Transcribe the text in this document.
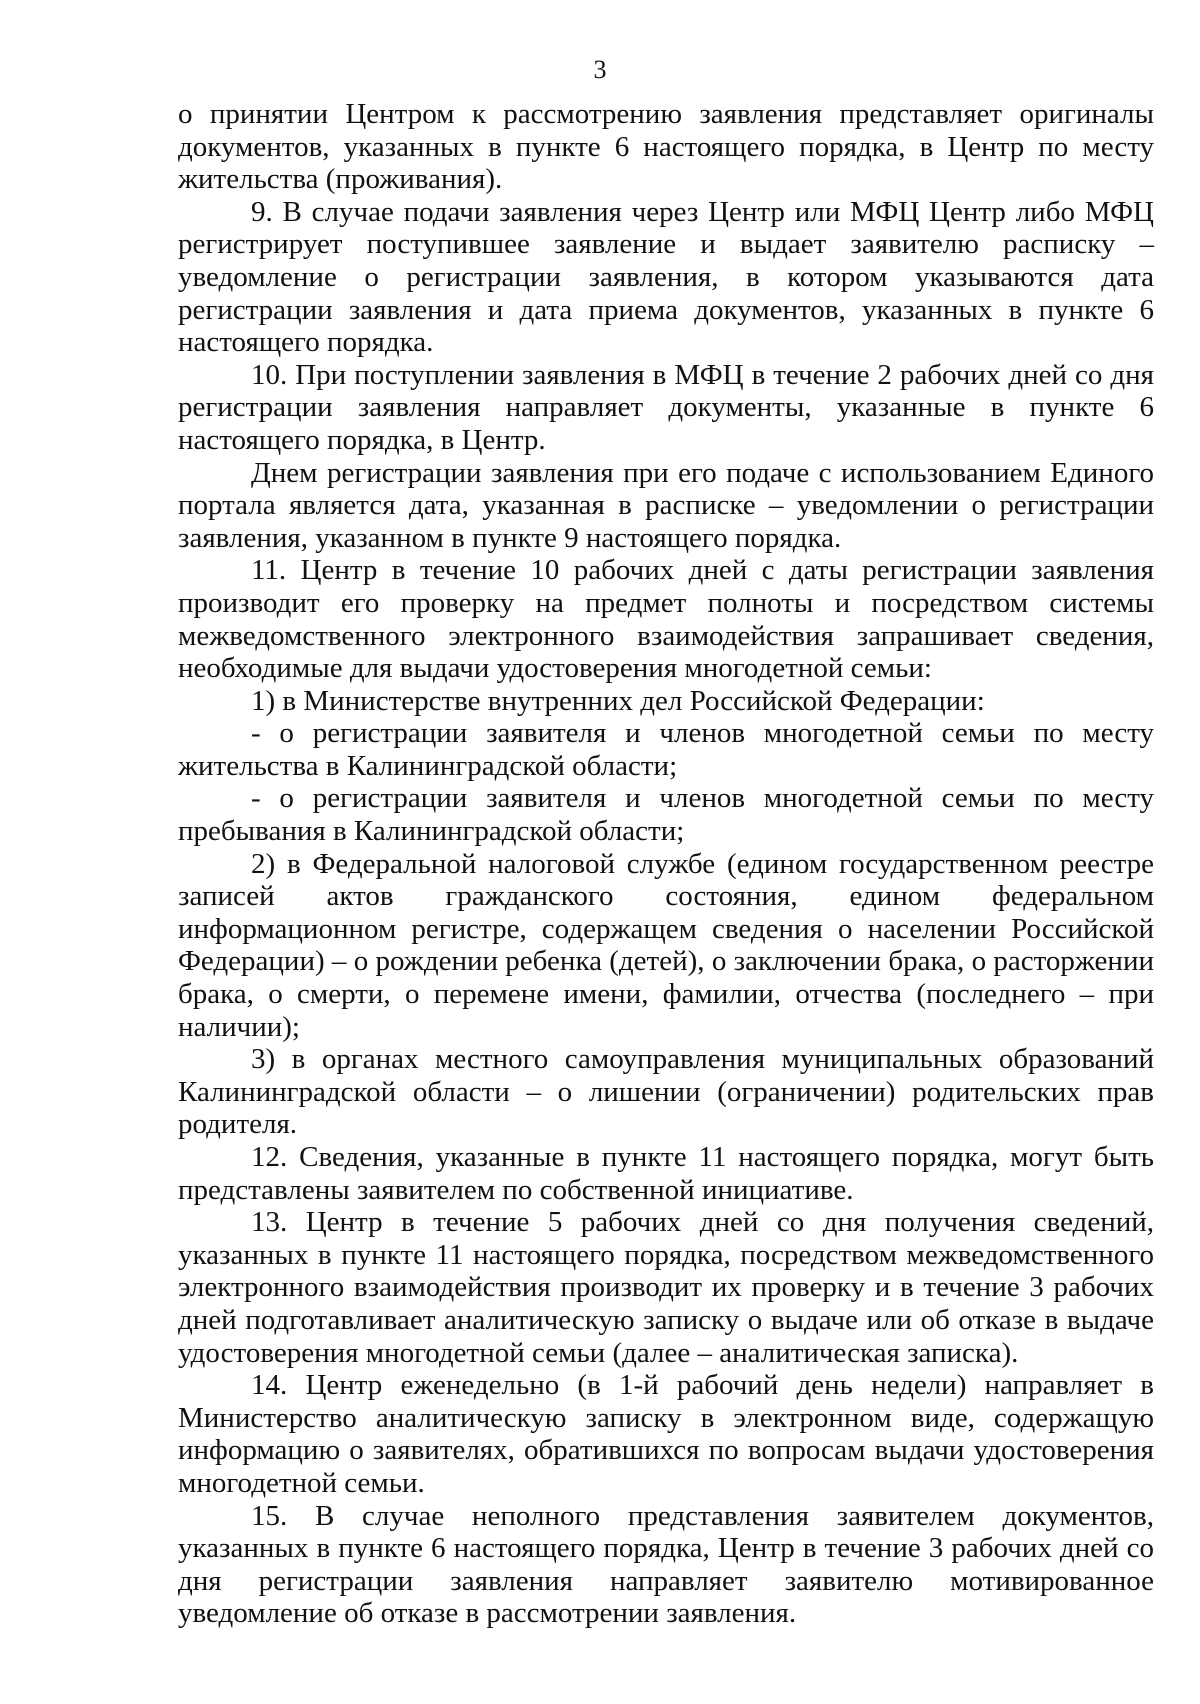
3

о принятии Центром к рассмотрению заявления представляет оригиналы документов, указанных в пункте 6 настоящего порядка, в Центр по месту жительства (проживания).

9. В случае подачи заявления через Центр или МФЦ Центр либо МФЦ регистрирует поступившее заявление и выдает заявителю расписку – уведомление о регистрации заявления, в котором указываются дата регистрации заявления и дата приема документов, указанных в пункте 6 настоящего порядка.

10. При поступлении заявления в МФЦ в течение 2 рабочих дней со дня регистрации заявления направляет документы, указанные в пункте 6 настоящего порядка, в Центр.

Днем регистрации заявления при его подаче с использованием Единого портала является дата, указанная в расписке – уведомлении о регистрации заявления, указанном в пункте 9 настоящего порядка.

11. Центр в течение 10 рабочих дней с даты регистрации заявления производит его проверку на предмет полноты и посредством системы межведомственного электронного взаимодействия запрашивает сведения, необходимые для выдачи удостоверения многодетной семьи:

1) в Министерстве внутренних дел Российской Федерации:

- о регистрации заявителя и членов многодетной семьи по месту жительства в Калининградской области;

- о регистрации заявителя и членов многодетной семьи по месту пребывания в Калининградской области;

2) в Федеральной налоговой службе (едином государственном реестре записей актов гражданского состояния, едином федеральном информационном регистре, содержащем сведения о населении Российской Федерации) – о рождении ребенка (детей), о заключении брака, о расторжении брака, о смерти, о перемене имени, фамилии, отчества (последнего – при наличии);

3) в органах местного самоуправления муниципальных образований Калининградской области – о лишении (ограничении) родительских прав родителя.

12. Сведения, указанные в пункте 11 настоящего порядка, могут быть представлены заявителем по собственной инициативе.

13. Центр в течение 5 рабочих дней со дня получения сведений, указанных в пункте 11 настоящего порядка, посредством межведомственного электронного взаимодействия производит их проверку и в течение 3 рабочих дней подготавливает аналитическую записку о выдаче или об отказе в выдаче удостоверения многодетной семьи (далее – аналитическая записка).

14. Центр еженедельно (в 1-й рабочий день недели) направляет в Министерство аналитическую записку в электронном виде, содержащую информацию о заявителях, обратившихся по вопросам выдачи удостоверения многодетной семьи.

15. В случае неполного представления заявителем документов, указанных в пункте 6 настоящего порядка, Центр в течение 3 рабочих дней со дня регистрации заявления направляет заявителю мотивированное уведомление об отказе в рассмотрении заявления.
